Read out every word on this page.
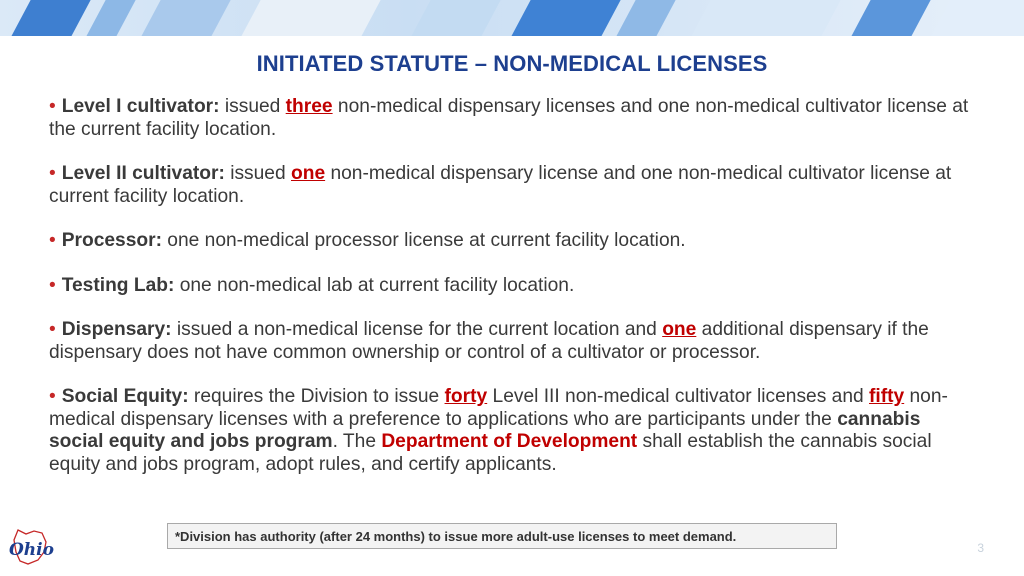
INITIATED STATUTE – NON-MEDICAL LICENSES
• Level I cultivator: issued three non-medical dispensary licenses and one non-medical cultivator license at the current facility location.
• Level II cultivator: issued one non-medical dispensary license and one non-medical cultivator license at current facility location.
• Processor: one non-medical processor license at current facility location.
• Testing Lab: one non-medical lab at current facility location.
• Dispensary: issued a non-medical license for the current location and one additional dispensary if the dispensary does not have common ownership or control of a cultivator or processor.
• Social Equity: requires the Division to issue forty Level III non-medical cultivator licenses and fifty non-medical dispensary licenses with a preference to applications who are participants under the cannabis social equity and jobs program. The Department of Development shall establish the cannabis social equity and jobs program, adopt rules, and certify applicants.
*Division has authority (after 24 months) to issue more adult-use licenses to meet demand.
Ohio	3
